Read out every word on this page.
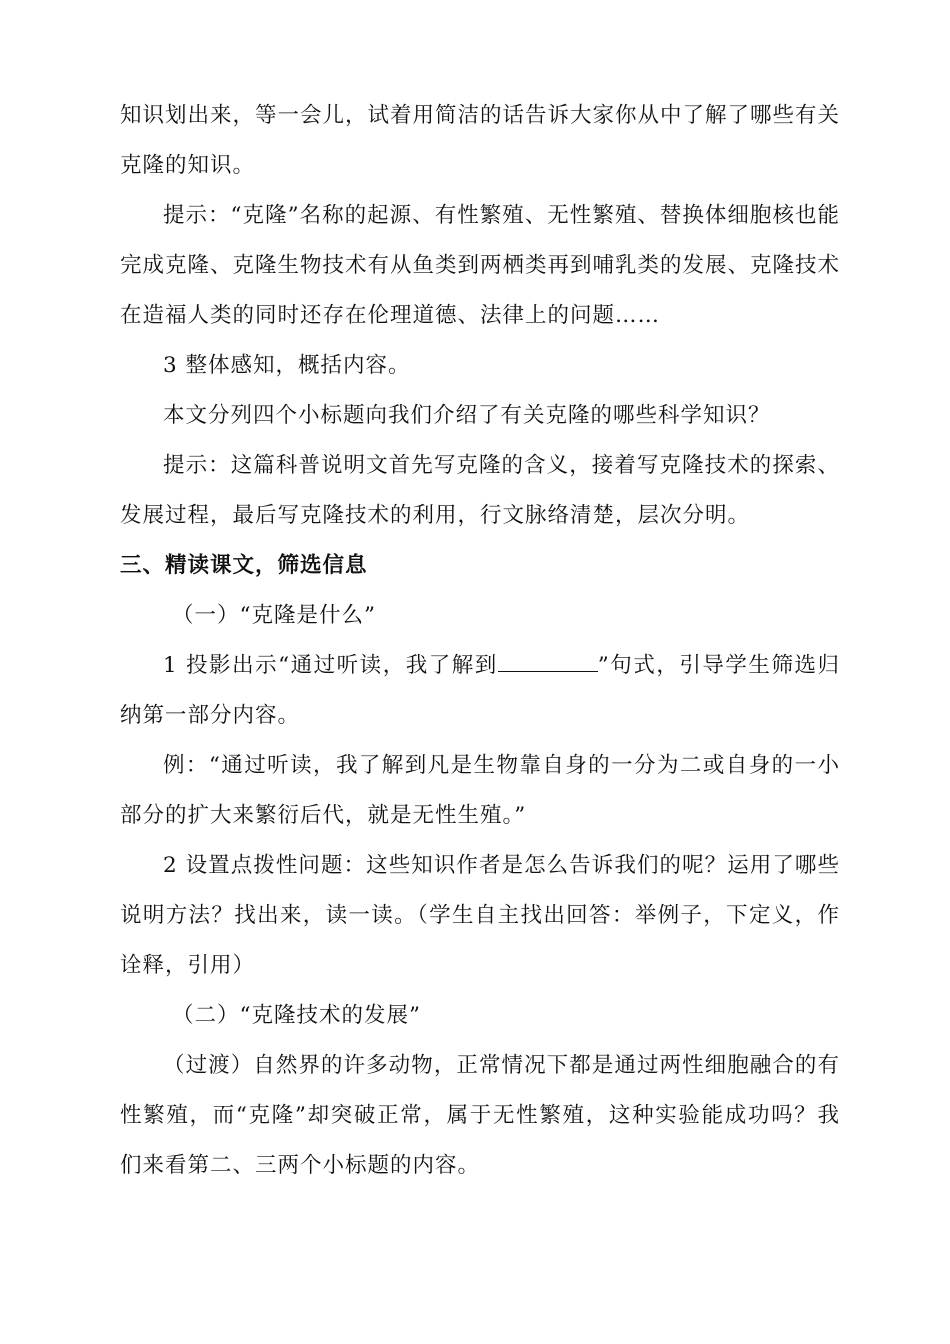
知识划出来，等一会儿，试着用简洁的话告诉大家你从中了解了哪些有关克隆的知识。

提示：“克隆”名称的起源、有性繁殖、无性繁殖、替换体细胞核也能完成克隆、克隆生物技术有从鱼类到两栖类再到哺乳类的发展、克隆技术在造福人类的同时还存在伦理道德、法律上的问题……

3 整体感知，概括内容。

本文分列四个小标题向我们介绍了有关克隆的哪些科学知识？

提示：这篇科普说明文首先写克隆的含义，接着写克隆技术的探索、发展过程，最后写克隆技术的利用，行文脉络清楚，层次分明。

三、精读课文，筛选信息

（一）“克隆是什么”

1 投影出示“通过听读，我了解到	”句式，引导学生筛选归纳第一部分内容。

例：“通过听读，我了解到凡是生物靠自身的一分为二或自身的一小部分的扩大来繁衍后代，就是无性生殖。”

2 设置点拨性问题：这些知识作者是怎么告诉我们的呢？运用了哪些说明方法？找出来，读一读。（学生自主找出回答：举例子，下定义，作诠释，引用）

（二）“克隆技术的发展”

（过渡）自然界的许多动物，正常情况下都是通过两性细胞融合的有性繁殖，而“克隆”却突破正常，属于无性繁殖，这种实验能成功吗？我们来看第二、三两个小标题的内容。
